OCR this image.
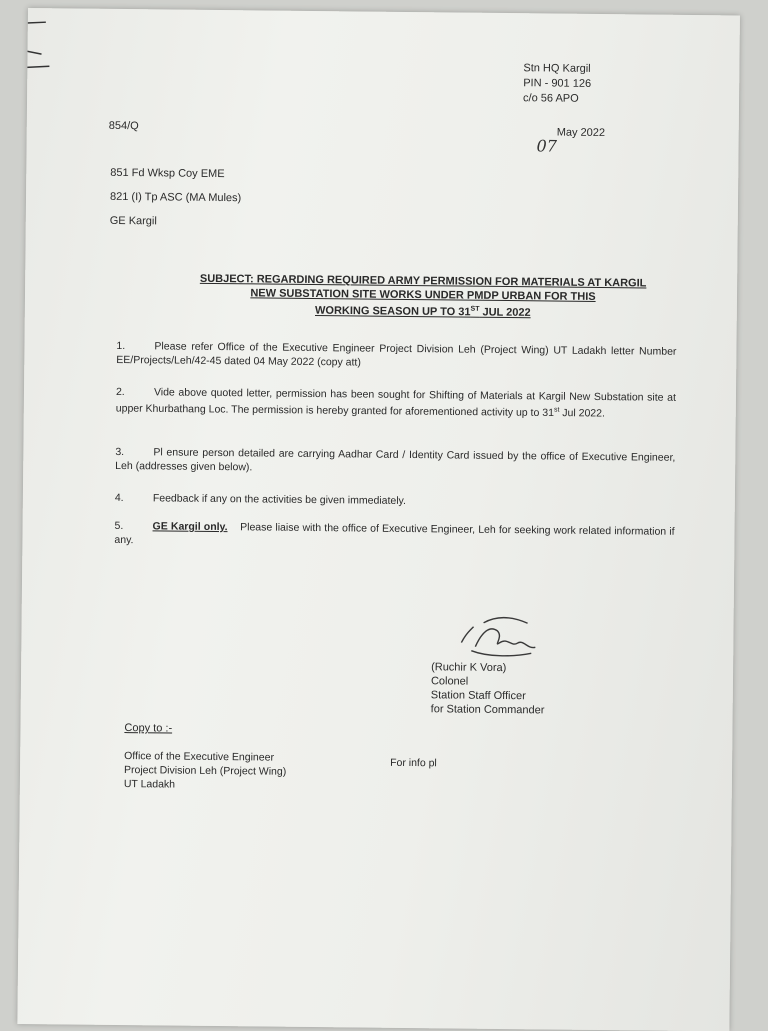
Stn HQ Kargil
PIN - 901 126
c/o 56 APO
854/Q
07
May 2022
851 Fd Wksp Coy EME
821 (I) Tp ASC (MA Mules)
GE Kargil
SUBJECT: REGARDING REQUIRED ARMY PERMISSION FOR MATERIALS AT KARGIL
NEW SUBSTATION SITE WORKS UNDER PMDP URBAN FOR THIS
WORKING SEASON UP TO 31ST JUL 2022
1.	Please refer Office of the Executive Engineer Project Division Leh (Project Wing) UT Ladakh letter Number EE/Projects/Leh/42-45 dated 04 May 2022 (copy att)
2.	Vide above quoted letter, permission has been sought for Shifting of Materials at Kargil New Substation site at upper Khurbathang Loc. The permission is hereby granted for aforementioned activity up to 31st Jul 2022.
3.	Pl ensure person detailed are carrying Aadhar Card / Identity Card issued by the office of Executive Engineer, Leh (addresses given below).
4.	Feedback if any on the activities be given immediately.
5.	GE Kargil only. Please liaise with the office of Executive Engineer, Leh for seeking work related information if any.
(Ruchir K Vora)
Colonel
Station Staff Officer
for Station Commander
Copy to :-
Office of the Executive Engineer
Project Division Leh (Project Wing)
UT Ladakh
For info pl
